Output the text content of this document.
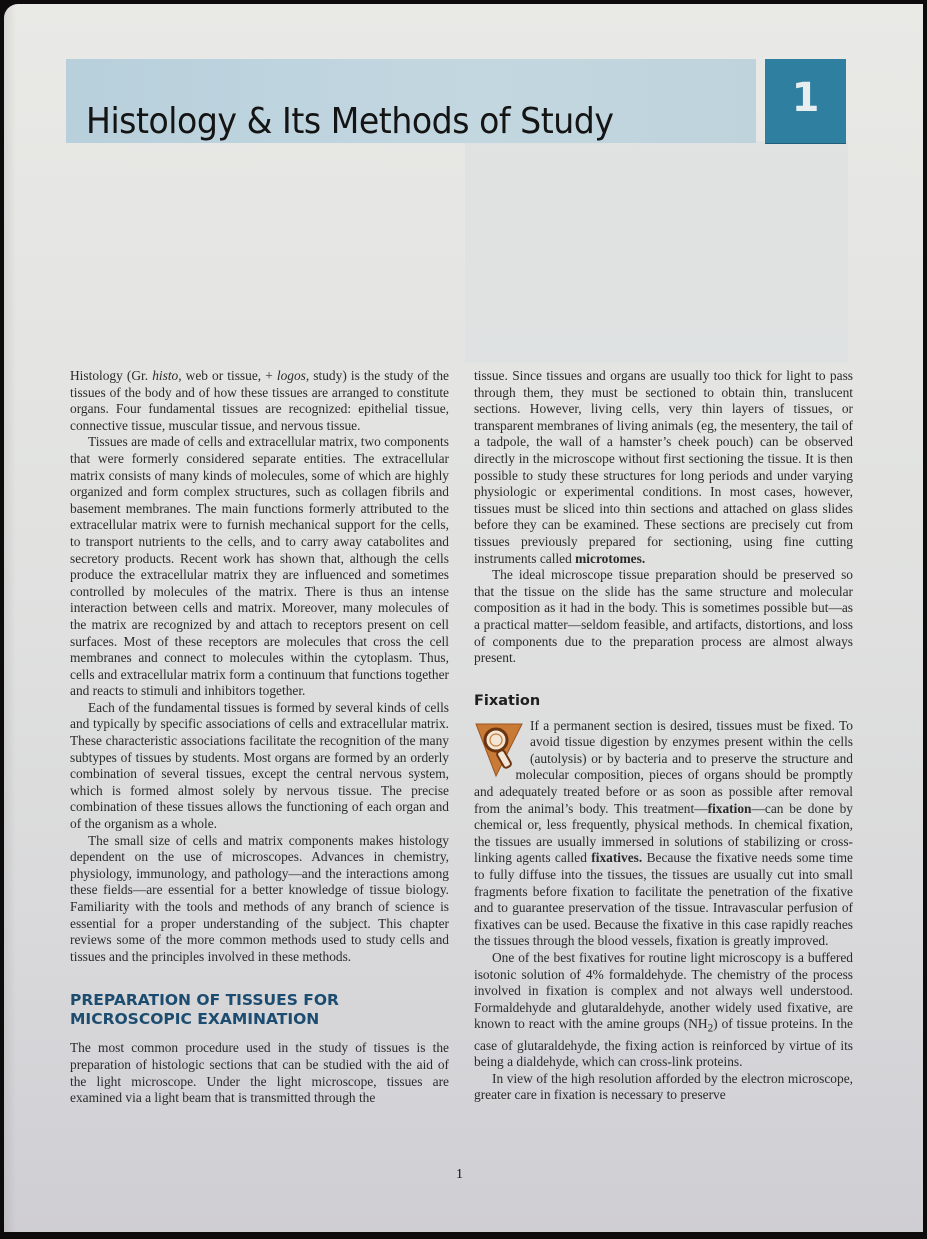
Histology & Its Methods of Study
1

Histology (Gr. histo, web or tissue, + logos, study) is the study of the tissues of the body and of how these tissues are arranged to constitute organs. Four fundamental tissues are recognized: epithelial tissue, connective tissue, muscular tissue, and nervous tissue.

Tissues are made of cells and extracellular matrix, two components that were formerly considered separate entities. The extracellular matrix consists of many kinds of molecules, some of which are highly organized and form complex structures, such as collagen fibrils and basement membranes. The main functions formerly attributed to the extracellular matrix were to furnish mechanical support for the cells, to transport nutrients to the cells, and to carry away catabolites and secretory products. Recent work has shown that, although the cells produce the extracellular matrix they are influenced and sometimes controlled by molecules of the matrix. There is thus an intense interaction between cells and matrix. Moreover, many molecules of the matrix are recognized by and attach to receptors present on cell surfaces. Most of these receptors are molecules that cross the cell membranes and connect to molecules within the cytoplasm. Thus, cells and extracellular matrix form a continuum that functions together and reacts to stimuli and inhibitors together.

Each of the fundamental tissues is formed by several kinds of cells and typically by specific associations of cells and extracellular matrix. These characteristic associations facilitate the recognition of the many subtypes of tissues by students. Most organs are formed by an orderly combination of several tissues, except the central nervous system, which is formed almost solely by nervous tissue. The precise combination of these tissues allows the functioning of each organ and of the organism as a whole.

The small size of cells and matrix components makes histology dependent on the use of microscopes. Advances in chemistry, physiology, immunology, and pathology—and the interactions among these fields—are essential for a better knowledge of tissue biology. Familiarity with the tools and methods of any branch of science is essential for a proper understanding of the subject. This chapter reviews some of the more common methods used to study cells and tissues and the principles involved in these methods.

PREPARATION OF TISSUES FOR MICROSCOPIC EXAMINATION

The most common procedure used in the study of tissues is the preparation of histologic sections that can be studied with the aid of the light microscope. Under the light microscope, tissues are examined via a light beam that is transmitted through the

tissue. Since tissues and organs are usually too thick for light to pass through them, they must be sectioned to obtain thin, translucent sections. However, living cells, very thin layers of tissues, or transparent membranes of living animals (eg, the mesentery, the tail of a tadpole, the wall of a hamster’s cheek pouch) can be observed directly in the microscope without first sectioning the tissue. It is then possible to study these structures for long periods and under varying physiologic or experimental conditions. In most cases, however, tissues must be sliced into thin sections and attached on glass slides before they can be examined. These sections are precisely cut from tissues previously prepared for sectioning, using fine cutting instruments called microtomes.

The ideal microscope tissue preparation should be preserved so that the tissue on the slide has the same structure and molecular composition as it had in the body. This is sometimes possible but—as a practical matter—seldom feasible, and artifacts, distortions, and loss of components due to the preparation process are almost always present.

Fixation

If a permanent section is desired, tissues must be fixed. To avoid tissue digestion by enzymes present within the cells (autolysis) or by bacteria and to preserve the structure and molecular composition, pieces of organs should be promptly and adequately treated before or as soon as possible after removal from the animal’s body. This treatment—fixation—can be done by chemical or, less frequently, physical methods. In chemical fixation, the tissues are usually immersed in solutions of stabilizing or cross-linking agents called fixatives. Because the fixative needs some time to fully diffuse into the tissues, the tissues are usually cut into small fragments before fixation to facilitate the penetration of the fixative and to guarantee preservation of the tissue. Intravascular perfusion of fixatives can be used. Because the fixative in this case rapidly reaches the tissues through the blood vessels, fixation is greatly improved.

One of the best fixatives for routine light microscopy is a buffered isotonic solution of 4% formaldehyde. The chemistry of the process involved in fixation is complex and not always well understood. Formaldehyde and glutaraldehyde, another widely used fixative, are known to react with the amine groups $(NH_2)$ of tissue proteins. In the case of glutaraldehyde, the fixing action is reinforced by virtue of its being a dialdehyde, which can cross-link proteins.

In view of the high resolution afforded by the electron microscope, greater care in fixation is necessary to preserve

1
